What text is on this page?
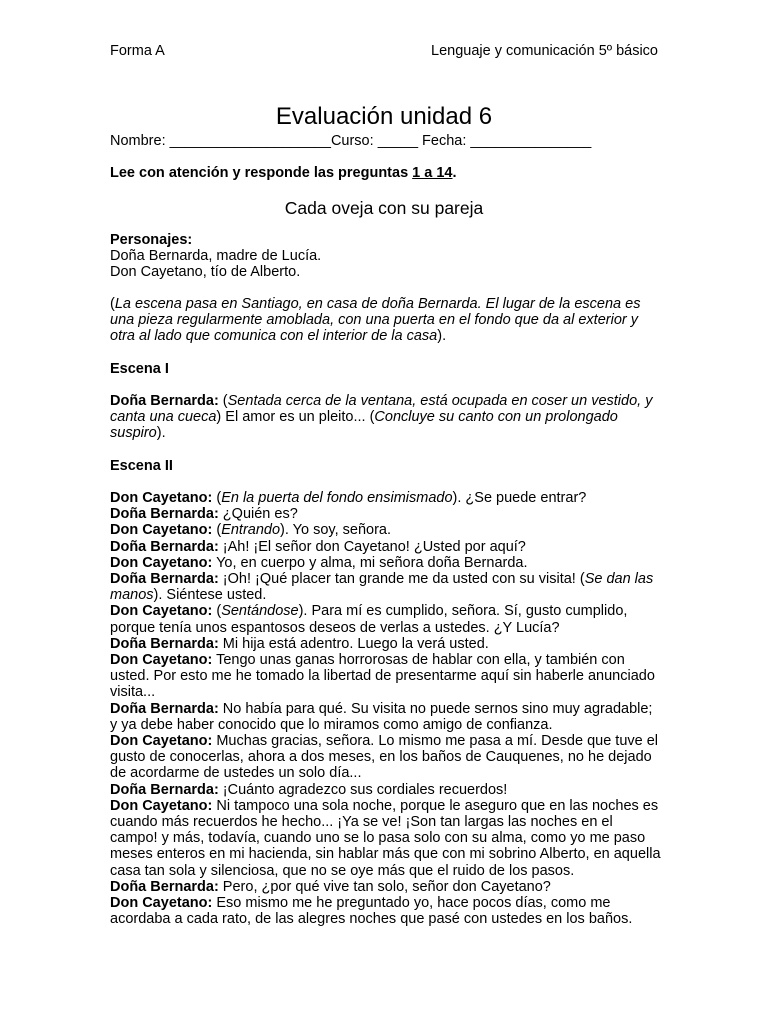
Forma A	Lenguaje y comunicación 5º básico
Evaluación unidad 6
Nombre: ____________________Curso: _____ Fecha: _______________
Lee con atención y responde las preguntas 1 a 14.
Cada oveja con su pareja

Personajes:

Doña Bernarda, madre de Lucía.

Don Cayetano, tío de Alberto.

(La escena pasa en Santiago, en casa de doña Bernarda. El lugar de la escena es una pieza regularmente amoblada, con una puerta en el fondo que da al exterior y otra al lado que comunica con el interior de la casa).

Escena I

Doña Bernarda: (Sentada cerca de la ventana, está ocupada en coser un vestido, y canta una cueca) El amor es un pleito... (Concluye su canto con un prolongado suspiro).

Escena II

Don Cayetano: (En la puerta del fondo ensimismado). ¿Se puede entrar?

Doña Bernarda: ¿Quién es?

Don Cayetano: (Entrando). Yo soy, señora.

Doña Bernarda: ¡Ah! ¡El señor don Cayetano! ¿Usted por aquí?

Don Cayetano: Yo, en cuerpo y alma, mi señora doña Bernarda.

Doña Bernarda: ¡Oh! ¡Qué placer tan grande me da usted con su visita! (Se dan las manos). Siéntese usted.

Don Cayetano: (Sentándose). Para mí es cumplido, señora. Sí, gusto cumplido, porque tenía unos espantosos deseos de verlas a ustedes. ¿Y Lucía?

Doña Bernarda: Mi hija está adentro. Luego la verá usted.

Don Cayetano: Tengo unas ganas horrorosas de hablar con ella, y también con usted. Por esto me he tomado la libertad de presentarme aquí sin haberle anunciado visita...

Doña Bernarda: No había para qué. Su visita no puede sernos sino muy agradable; y ya debe haber conocido que lo miramos como amigo de confianza.

Don Cayetano: Muchas gracias, señora. Lo mismo me pasa a mí. Desde que tuve el gusto de conocerlas, ahora a dos meses, en los baños de Cauquenes, no he dejado de acordarme de ustedes un solo día...

Doña Bernarda: ¡Cuánto agradezco sus cordiales recuerdos!

Don Cayetano: Ni tampoco una sola noche, porque le aseguro que en las noches es cuando más recuerdos he hecho... ¡Ya se ve! ¡Son tan largas las noches en el campo! y más, todavía, cuando uno se lo pasa solo con su alma, como yo me paso meses enteros en mi hacienda, sin hablar más que con mi sobrino Alberto, en aquella casa tan sola y silenciosa, que no se oye más que el ruido de los pasos.

Doña Bernarda: Pero, ¿por qué vive tan solo, señor don Cayetano?

Don Cayetano: Eso mismo me he preguntado yo, hace pocos días, como me acordaba a cada rato, de las alegres noches que pasé con ustedes en los baños.
